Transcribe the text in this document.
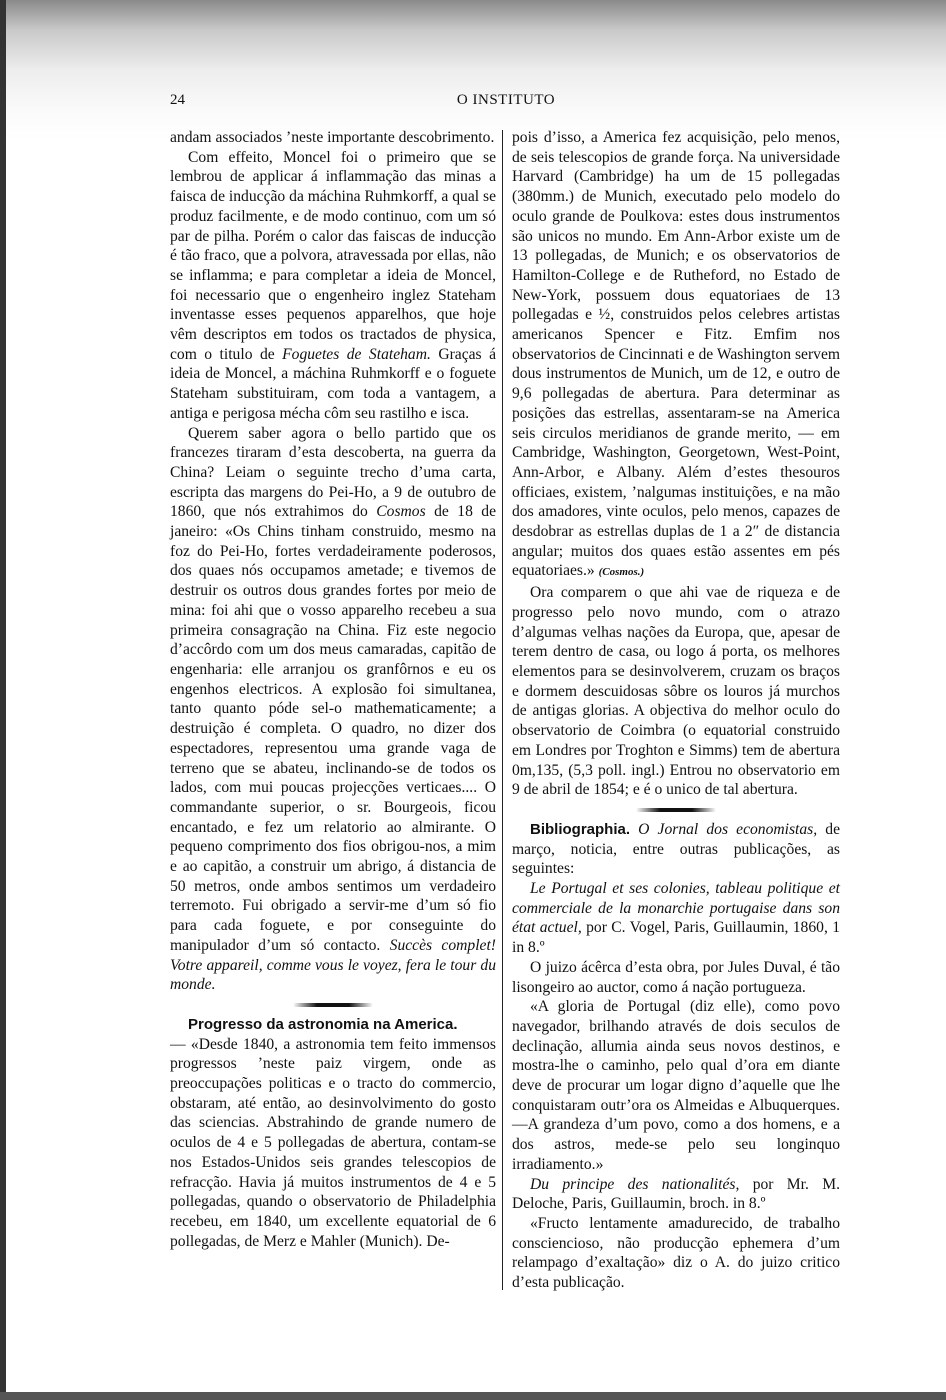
24	O INSTITUTO

andam associados ’neste importante descobrimento.

Com effeito, Moncel foi o primeiro que se lembrou de applicar á inflammação das minas a faisca de inducção da máchina Ruhmkorff, a qual se produz facilmente, e de modo continuo, com um só par de pilha. Porém o calor das faiscas de inducção é tão fraco, que a polvora, atravessada por ellas, não se inflamma; e para completar a ideia de Moncel, foi necessario que o engenheiro inglez Stateham inventasse esses pequenos apparelhos, que hoje vêm descriptos em todos os tractados de physica, com o titulo de Foguetes de Stateham. Graças á ideia de Moncel, a máchina Ruhmkorff e o foguete Stateham substituiram, com toda a vantagem, a antiga e perigosa mécha côm seu rastilho e isca.

Querem saber agora o bello partido que os francezes tiraram d’esta descoberta, na guerra da China? Leiam o seguinte trecho d’uma carta, escripta das margens do Pei-Ho, a 9 de outubro de 1860, que nós extrahimos do Cosmos de 18 de janeiro: «Os Chins tinham construido, mesmo na foz do Pei-Ho, fortes verdadeiramente poderosos, dos quaes nós occupamos ametade; e tivemos de destruir os outros dous grandes fortes por meio de mina: foi ahi que o vosso apparelho recebeu a sua primeira consagração na China. Fiz este negocio d’accôrdo com um dos meus camaradas, capitão de engenharia: elle arranjou os granfôrnos e eu os engenhos electricos. A explosão foi simultanea, tanto quanto póde sel-o mathematicamente; a destruição é completa. O quadro, no dizer dos espectadores, representou uma grande vaga de terreno que se abateu, inclinando-se de todos os lados, com mui poucas projecções verticaes.... O commandante superior, o sr. Bourgeois, ficou encantado, e fez um relatorio ao almirante. O pequeno comprimento dos fios obrigou-nos, a mim e ao capitão, a construir um abrigo, á distancia de 50 metros, onde ambos sentimos um verdadeiro terremoto. Fui obrigado a servir-me d’um só fio para cada foguete, e por conseguinte do manipulador d’um só contacto. Succès complet! Votre appareil, comme vous le voyez, fera le tour du monde.

Progresso da astronomia na America.

— «Desde 1840, a astronomia tem feito immensos progressos ’neste paiz virgem, onde as preoccupações politicas e o tracto do commercio, obstaram, até então, ao desinvolvimento do gosto das sciencias. Abstrahindo de grande numero de oculos de 4 e 5 pollegadas de abertura, contam-se nos Estados-Unidos seis grandes telescopios de refracção. Havia já muitos instrumentos de 4 e 5 pollegadas, quando o observatorio de Philadelphia recebeu, em 1840, um excellente equatorial de 6 pollegadas, de Merz e Mahler (Munich). De-

pois d’isso, a America fez acquisição, pelo menos, de seis telescopios de grande força. Na universidade Harvard (Cambridge) ha um de 15 pollegadas (380mm.) de Munich, executado pelo modelo do oculo grande de Poulkova: estes dous instrumentos são unicos no mundo. Em Ann-Arbor existe um de 13 pollegadas, de Munich; e os observatorios de Hamilton-College e de Rutheford, no Estado de New-York, possuem dous equatoriaes de 13 pollegadas e ½, construidos pelos celebres artistas americanos Spencer e Fitz. Emfim nos observatorios de Cincinnati e de Washington servem dous instrumentos de Munich, um de 12, e outro de 9,6 pollegadas de abertura. Para determinar as posições das estrellas, assentaram-se na America seis circulos meridianos de grande merito, — em Cambridge, Washington, Georgetown, West-Point, Ann-Arbor, e Albany. Além d’estes thesouros officiaes, existem, ’nalgumas instituições, e na mão dos amadores, vinte oculos, pelo menos, capazes de desdobrar as estrellas duplas de 1 a 2″ de distancia angular; muitos dos quaes estão assentes em pés equatoriaes.» (Cosmos.)

Ora comparem o que ahi vae de riqueza e de progresso pelo novo mundo, com o atrazo d’algumas velhas nações da Europa, que, apesar de terem dentro de casa, ou logo á porta, os melhores elementos para se desinvolverem, cruzam os braços e dormem descuidosas sôbre os louros já murchos de antigas glorias. A objectiva do melhor oculo do observatorio de Coimbra (o equatorial construido em Londres por Troghton e Simms) tem de abertura 0m,135, (5,3 poll. ingl.) Entrou no observatorio em 9 de abril de 1854; e é o unico de tal abertura.

Bibliographia. O Jornal dos economistas, de março, noticia, entre outras publicações, as seguintes:

Le Portugal et ses colonies, tableau politique et commerciale de la monarchie portugaise dans son état actuel, por C. Vogel, Paris, Guillaumin, 1860, 1 in 8.º

O juizo ácêrca d’esta obra, por Jules Duval, é tão lisongeiro ao auctor, como á nação portugueza.

«A gloria de Portugal (diz elle), como povo navegador, brilhando através de dois seculos de declinação, allumia ainda seus novos destinos, e mostra-lhe o caminho, pelo qual d’ora em diante deve de procurar um logar digno d’aquelle que lhe conquistaram outr’ora os Almeidas e Albuquerques.—A grandeza d’um povo, como a dos homens, e a dos astros, mede-se pelo seu longinquo irradiamento.»

Du principe des nationalités, por Mr. M. Deloche, Paris, Guillaumin, broch. in 8.º

«Fructo lentamente amadurecido, de trabalho consciencioso, não producção ephemera d’um relampago d’exaltação» diz o A. do juizo critico d’esta publicação.
